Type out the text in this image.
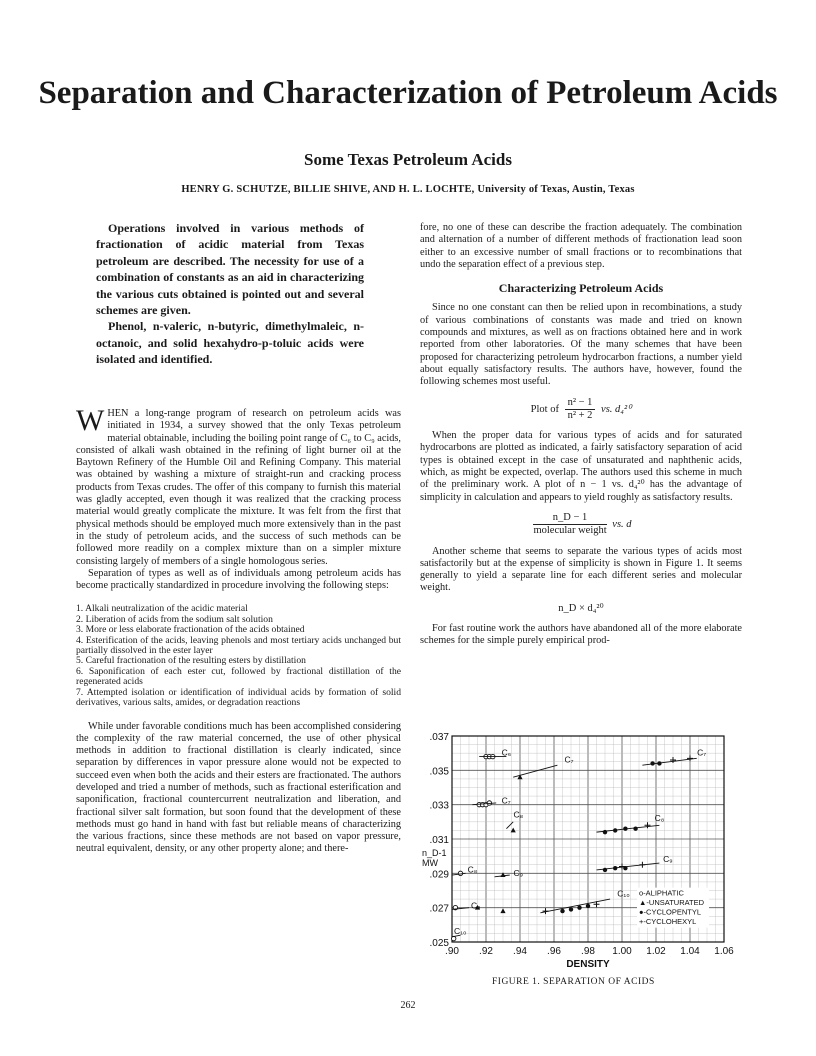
Separation and Characterization of Petroleum Acids
Some Texas Petroleum Acids
HENRY G. SCHUTZE, BILLIE SHIVE, AND H. L. LOCHTE, University of Texas, Austin, Texas

Operations involved in various methods of fractionation of acidic material from Texas petroleum are described. The necessity for use of a combination of constants as an aid in characterizing the various cuts obtained is pointed out and several schemes are given.

Phenol, n-valeric, n-butyric, dimethylmaleic, n-octanoic, and solid hexahydro-p-toluic acids were isolated and identified.

WHEN a long-range program of research on petroleum acids was initiated in 1934, a survey showed that the only Texas petroleum material obtainable, including the boiling point range of C₆ to C₉ acids, consisted of alkali wash obtained in the refining of light burner oil at the Baytown Refinery of the Humble Oil and Refining Company. This material was obtained by washing a mixture of straight-run and cracking process products from Texas crudes. The offer of this company to furnish this material was gladly accepted, even though it was realized that the cracking process material would greatly complicate the mixture. It was felt from the first that physical methods should be employed much more extensively than in the past in the study of petroleum acids, and the success of such methods can be followed more readily on a complex mixture than on a simpler mixture consisting largely of members of a single homologous series.

Separation of types as well as of individuals among petroleum acids has become practically standardized in procedure involving the following steps:

1. Alkali neutralization of the acidic material
2. Liberation of acids from the sodium salt solution
3. More or less elaborate fractionation of the acids obtained
4. Esterification of the acids, leaving phenols and most tertiary acids unchanged but partially dissolved in the ester layer
5. Careful fractionation of the resulting esters by distillation
6. Saponification of each ester cut, followed by fractional distillation of the regenerated acids
7. Attempted isolation or identification of individual acids by formation of solid derivatives, various salts, amides, or degradation reactions

While under favorable conditions much has been accomplished considering the complexity of the raw material concerned, the use of other physical methods in addition to fractional distillation is clearly indicated, since separation by differences in vapor pressure alone would not be expected to succeed even when both the acids and their esters are fractionated. The authors developed and tried a number of methods, such as fractional esterification and saponification, fractional countercurrent neutralization and liberation, and fractional silver salt formation, but soon found that the development of these methods must go hand in hand with fast but reliable means of characterizing the various fractions, since these methods are not based on vapor pressure, neutral equivalent, density, or any other property alone; and there-

fore, no one of these can describe the fraction adequately. The combination and alternation of a number of different methods of fractionation lead soon either to an excessive number of small fractions or to recombinations that undo the separation effect of a previous step.

Characterizing Petroleum Acids

Since no one constant can then be relied upon in recombinations, a study of various combinations of constants was made and tried on known compounds and mixtures, as well as on fractions obtained here and in work reported from other laboratories. Of the many schemes that have been proposed for characterizing petroleum hydrocarbon fractions, a number yield about equally satisfactory results. The authors have, however, found the following schemes most useful.

Plot of $\frac{\text{n² − 1}}{\text{n² + 2}}$ vs. d₄²⁰

When the proper data for various types of acids and for saturated hydrocarbons are plotted as indicated, a fairly satisfactory separation of acid types is obtained except in the case of unsaturated and naphthenic acids, which, as might be expected, overlap. The authors used this scheme in much of the preliminary work. A plot of n − 1 vs. d₄²⁰ has the advantage of simplicity in calculation and appears to yield roughly as satisfactory results.

$\frac{n\_D - 1}{\text{molecular weight}}$ vs. d

Another scheme that seems to separate the various types of acids most satisfactorily but at the expense of simplicity is shown in Figure 1. It seems generally to yield a separate line for each different series and molecular weight.

n_D × d₄²⁰

For fast routine work the authors have abandoned all of the more elaborate schemes for the simple purely empirical prod-

.90 .92 .94 .96 .98 1.00 1.02 1.04 1.06
.025
.027
.029
.031
.033
.035
.037
DENSITY
n_D-1
MW
C₆
C₇
C₇
C₇
C₈	C₈
C₈	C₉
C₉
C₉
C₁₀
C₁₀
o-ALIPHATIC
▲-UNSATURATED
●-CYCLOPENTYL
+-CYCLOHEXYL
FIGURE 1. SEPARATION OF ACIDS
262
